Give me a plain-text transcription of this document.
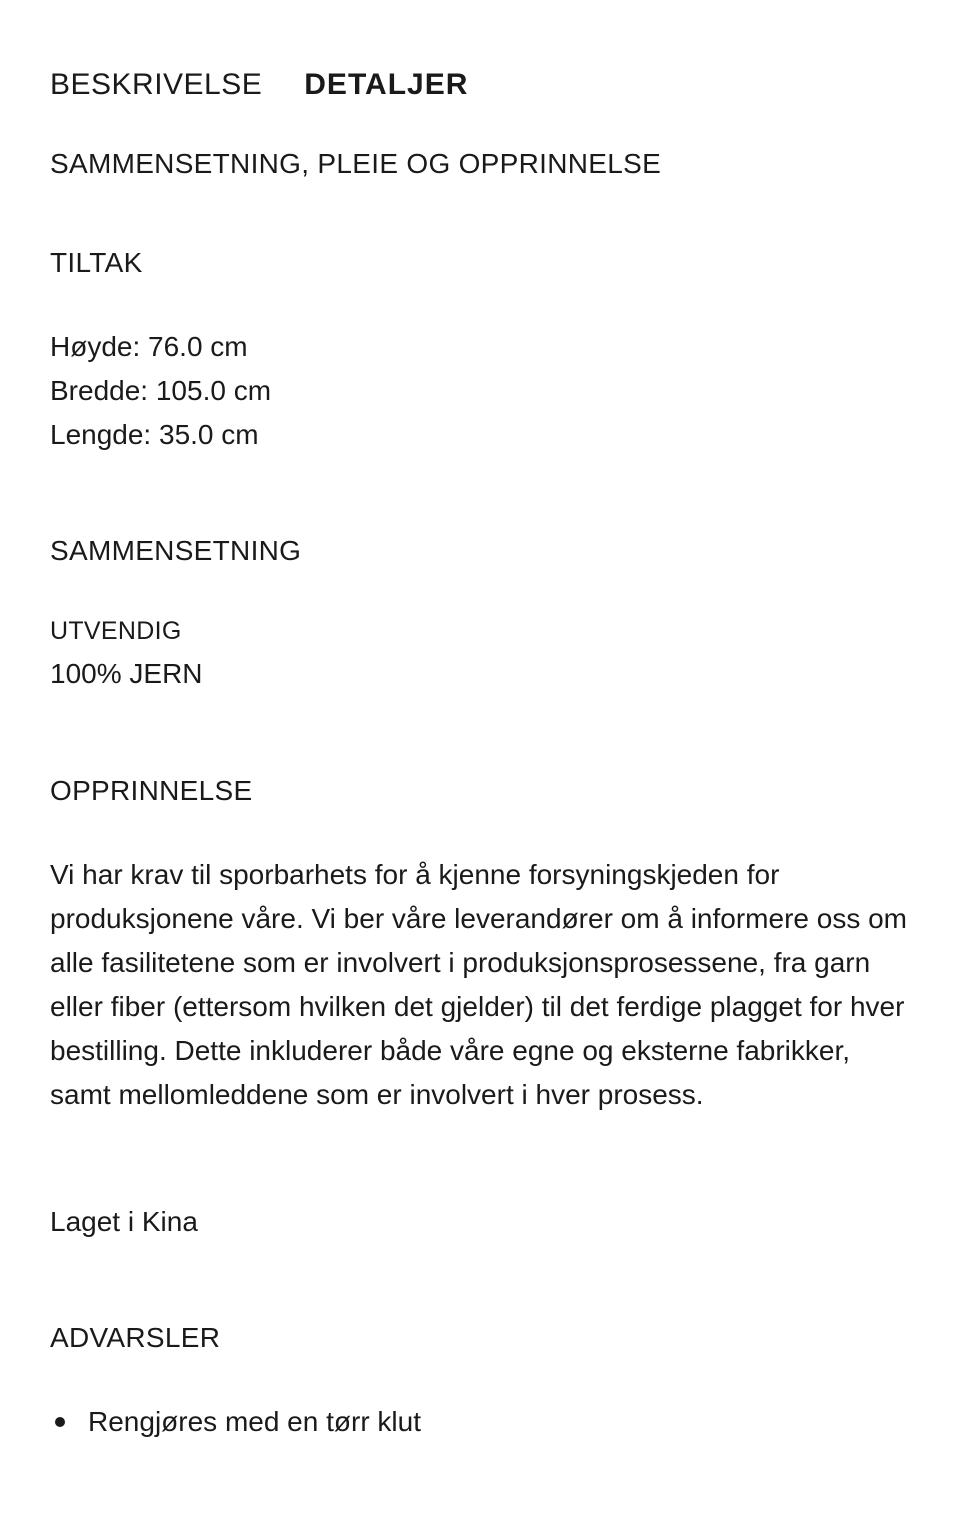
BESKRIVELSE DETALJER
SAMMENSETNING, PLEIE OG OPPRINNELSE
TILTAK
Høyde: 76.0 cm
Bredde: 105.0 cm
Lengde: 35.0 cm
SAMMENSETNING
UTVENDIG
100% JERN
OPPRINNELSE
Vi har krav til sporbarhets for å kjenne forsyningskjeden for produksjonene våre. Vi ber våre leverandører om å informere oss om alle fasilitetene som er involvert i produksjonsprosessene, fra garn eller fiber (ettersom hvilken det gjelder) til det ferdige plagget for hver bestilling. Dette inkluderer både våre egne og eksterne fabrikker, samt mellomleddene som er involvert i hver prosess.
Laget i Kina
ADVARSLER
Rengjøres med en tørr klut
